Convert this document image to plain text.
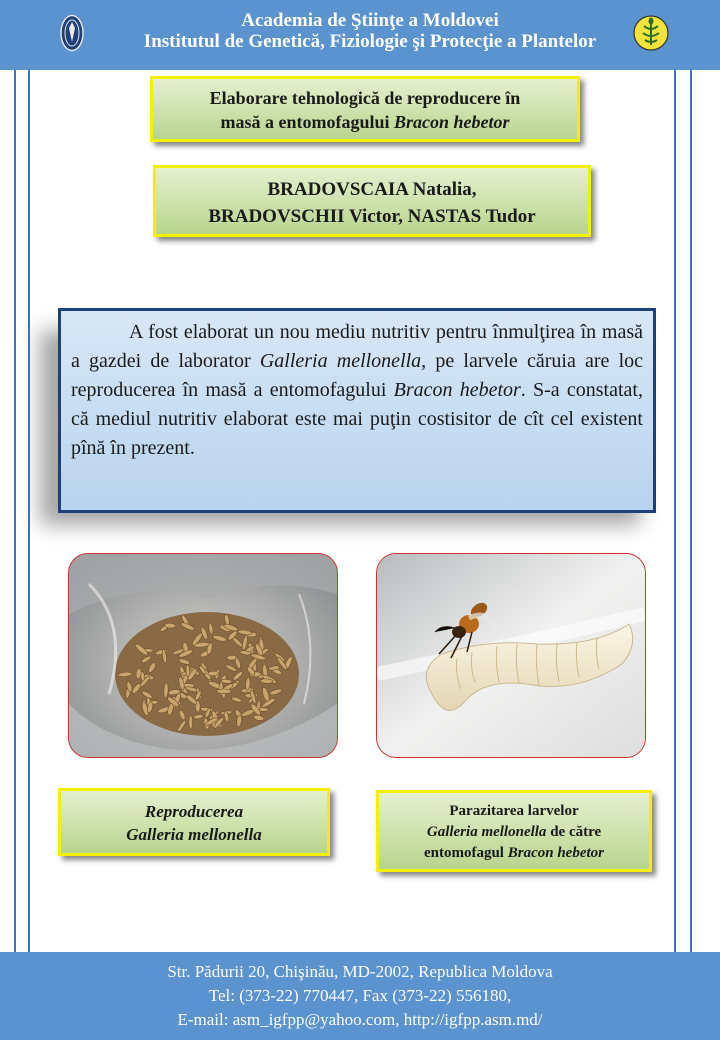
Academia de Ştiinţe a Moldovei
Institutul de Genetică, Fiziologie şi Protecţie a Plantelor
Elaborare tehnologică de reproducere în
masă a entomofagului Bracon hebetor
BRADOVSCAIA Natalia,
BRADOVSCHII Victor, NASTAS Tudor
A fost elaborat un nou mediu nutritiv pentru înmulţirea în masă a gazdei de laborator Galleria mellonella, pe larvele căruia are loc reproducerea în masă a entomofagului Bracon hebetor. S-a constatat, că mediul nutritiv elaborat este mai puţin costisitor de cît cel existent pînă în prezent.
Reproducerea
Galleria mellonella
Parazitarea larvelor
Galleria mellonella de către
entomofagul Bracon hebetor
Str. Pădurii 20, Chişinău, MD-2002, Republica Moldova
Tel: (373-22) 770447, Fax (373-22) 556180,
E-mail: asm_igfpp@yahoo.com, http://igfpp.asm.md/
